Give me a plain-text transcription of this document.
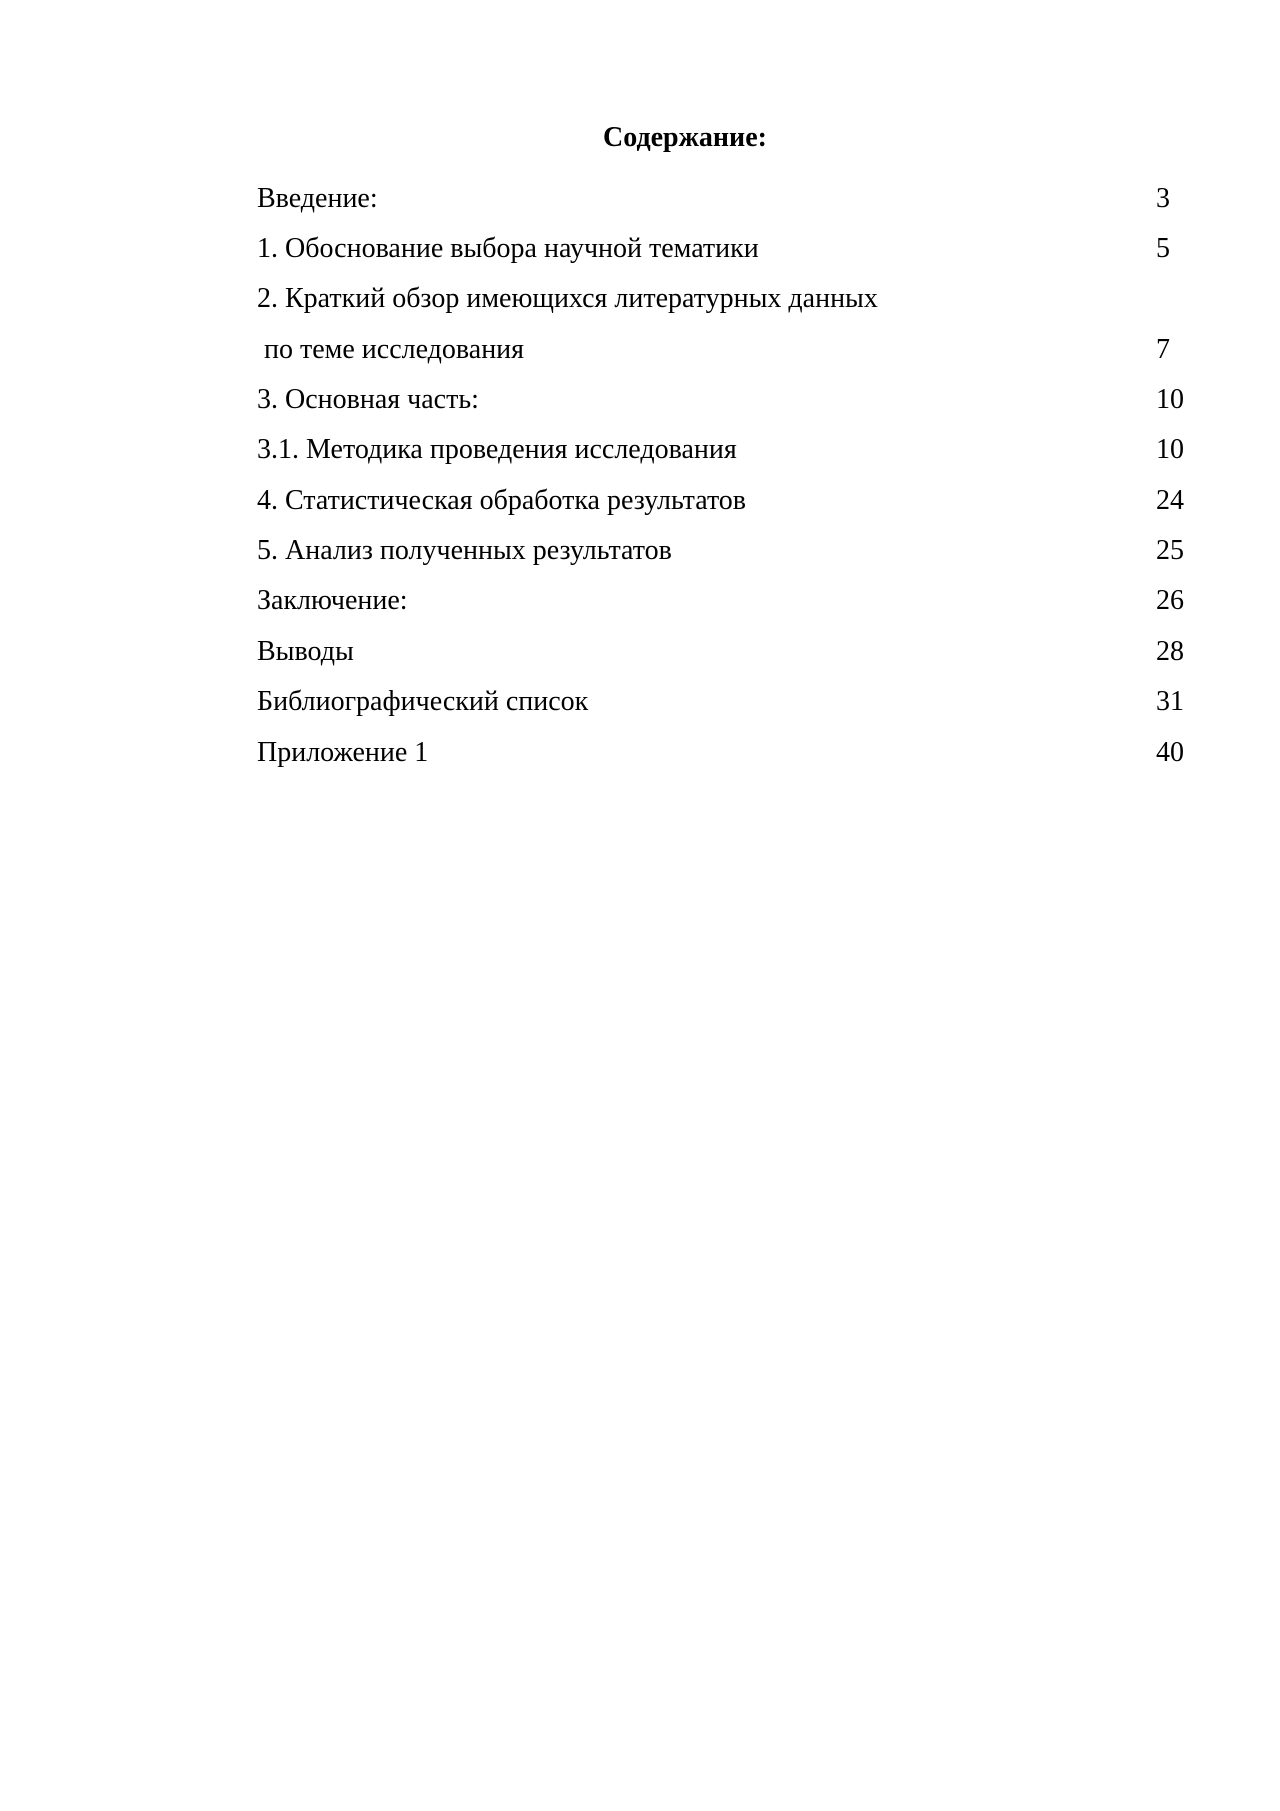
Содержание:
Введение:	3
1. Обоснование выбора научной тематики	5
2. Краткий обзор имеющихся литературных данных
по теме исследования	7
3. Основная часть:	10
3.1. Методика проведения исследования	10
4. Статистическая обработка результатов	24
5. Анализ полученных результатов	25
Заключение:	26
Выводы	28
Библиографический список	31
Приложение 1	40
